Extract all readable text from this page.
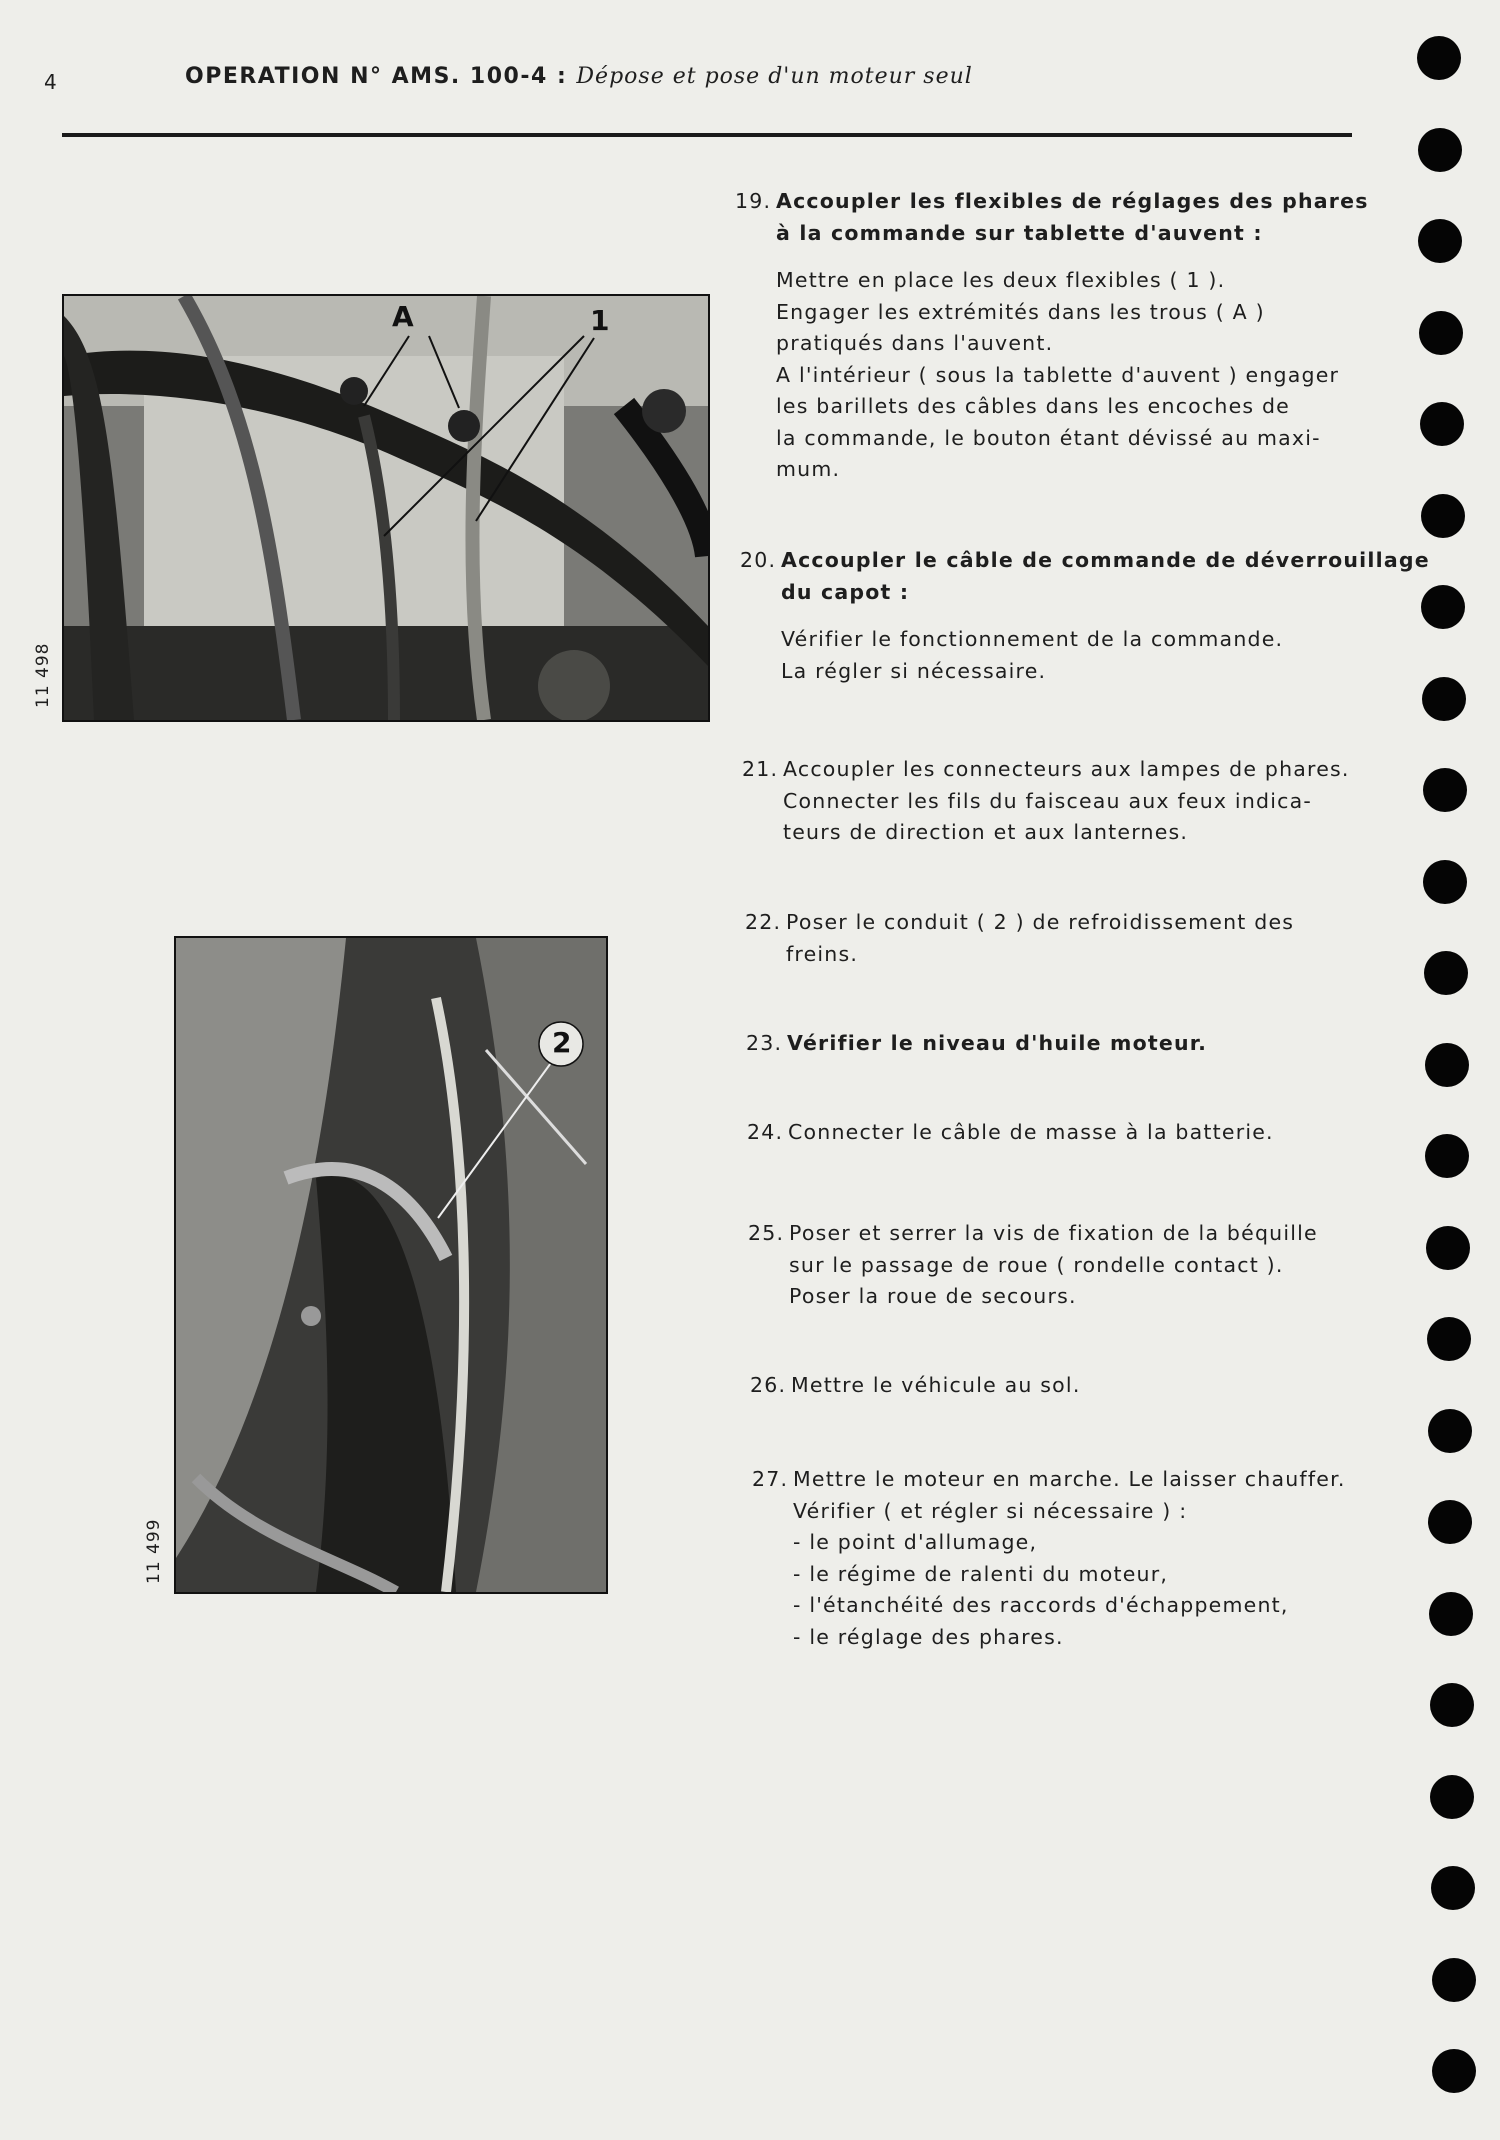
4	OPERATION N° AMS. 100-4 : Dépose et pose d'un moteur seul
A	1
11 498
2
11 499
19. Accoupler les flexibles de réglages des phares
à la commande sur tablette d'auvent :
Mettre en place les deux flexibles ( 1 ).
Engager les extrémités dans les trous ( A )
pratiqués dans l'auvent.
A l'intérieur ( sous la tablette d'auvent ) engager
les barillets des câbles dans les encoches de
la commande, le bouton étant dévissé au maxi-
mum.
20. Accoupler le câble de commande de déverrouillage
du capot :
Vérifier le fonctionnement de la commande.
La régler si nécessaire.
21. Accoupler les connecteurs aux lampes de phares.
Connecter les fils du faisceau aux feux indica-
teurs de direction et aux lanternes.
22. Poser le conduit ( 2 ) de refroidissement des
freins.
23. Vérifier le niveau d'huile moteur.
24. Connecter le câble de masse à la batterie.
25. Poser et serrer la vis de fixation de la béquille
sur le passage de roue ( rondelle contact ).
Poser la roue de secours.
26. Mettre le véhicule au sol.
27. Mettre le moteur en marche. Le laisser chauffer.
Vérifier ( et régler si nécessaire ) :
- le point d'allumage,
- le régime de ralenti du moteur,
- l'étanchéité des raccords d'échappement,
- le réglage des phares.
